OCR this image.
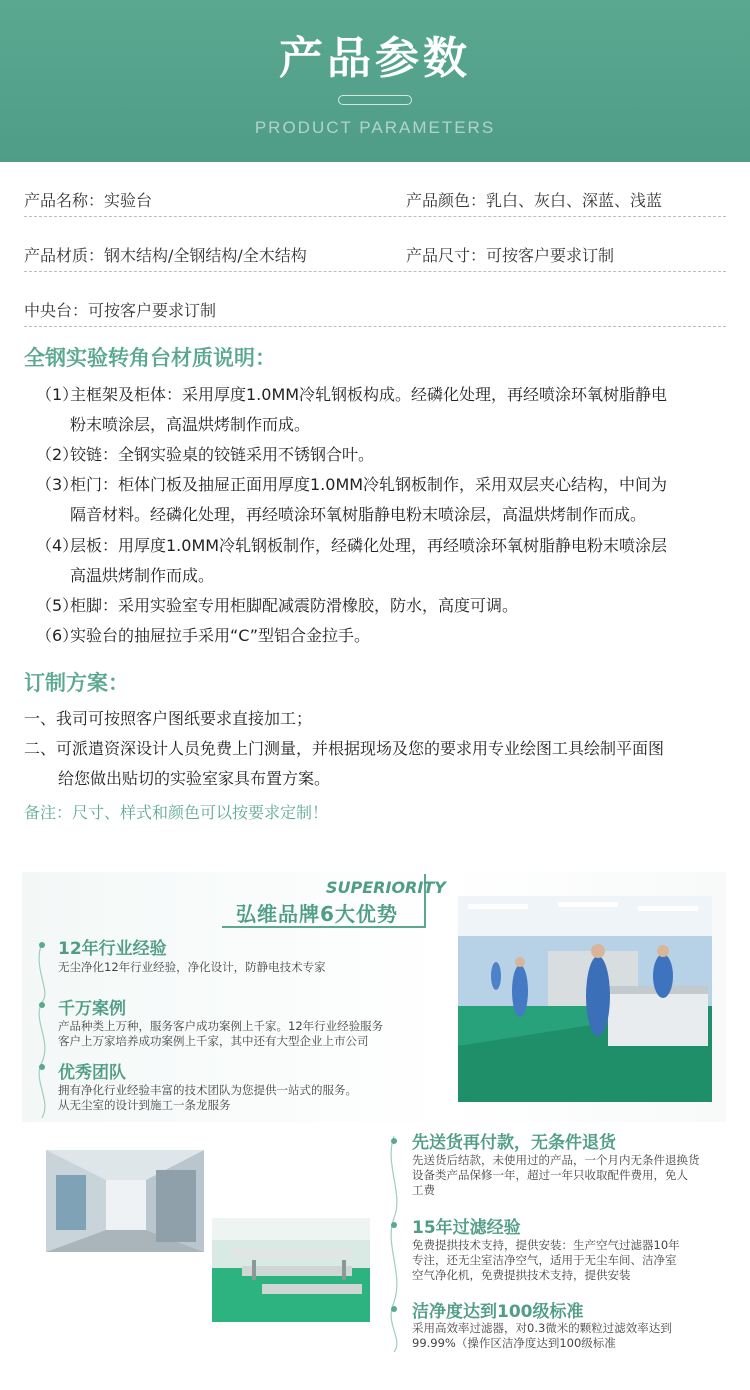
产品参数
PRODUCT PARAMETERS
产品名称：实验台	产品颜色：乳白、灰白、深蓝、浅蓝
产品材质：钢木结构/全钢结构/全木结构	产品尺寸：可按客户要求订制
中央台：可按客户要求订制
全钢实验转角台材质说明：
（1）主框架及柜体：采用厚度1.0MM冷轧钢板构成。经磷化处理，再经喷涂环氧树脂静电
粉末喷涂层，高温烘烤制作而成。
（2）铰链：全钢实验桌的铰链采用不锈钢合叶。
（3）柜门：柜体门板及抽屉正面用厚度1.0MM冷轧钢板制作，采用双层夹心结构，中间为
隔音材料。经磷化处理，再经喷涂环氧树脂静电粉末喷涂层，高温烘烤制作而成。
（4）层板：用厚度1.0MM冷轧钢板制作，经磷化处理，再经喷涂环氧树脂静电粉末喷涂层
高温烘烤制作而成。
（5）柜脚：采用实验室专用柜脚配减震防滑橡胶，防水，高度可调。
（6）实验台的抽屉拉手采用“C”型铝合金拉手。
订制方案：
一、我司可按照客户图纸要求直接加工；
二、可派遣资深设计人员免费上门测量，并根据现场及您的要求用专业绘图工具绘制平面图
给您做出贴切的实验室家具布置方案。
备注：尺寸、样式和颜色可以按要求定制！
SUPERIORITY
弘维品牌6大优势
12年行业经验
无尘净化12年行业经验，净化设计，防静电技术专家
千万案例
产品种类上万种，服务客户成功案例上千家。12年行业经验服务
客户上万家培养成功案例上千家，其中还有大型企业上市公司
优秀团队
拥有净化行业经验丰富的技术团队为您提供一站式的服务。
从无尘室的设计到施工一条龙服务
先送货再付款，无条件退货
先送货后结款，未使用过的产品，一个月内无条件退换货
设备类产品保修一年，超过一年只收取配件费用，免人
工费
15年过滤经验
免费提拱技术支持，提供安装：生产空气过滤器10年
专注，还无尘室洁净空气，适用于无尘车间、洁净室
空气净化机，免费提拱技术支持，提供安装
洁净度达到100级标准
采用高效率过滤器，对0.3微米的颗粒过滤效率达到
99.99%（操作区洁净度达到100级标准
